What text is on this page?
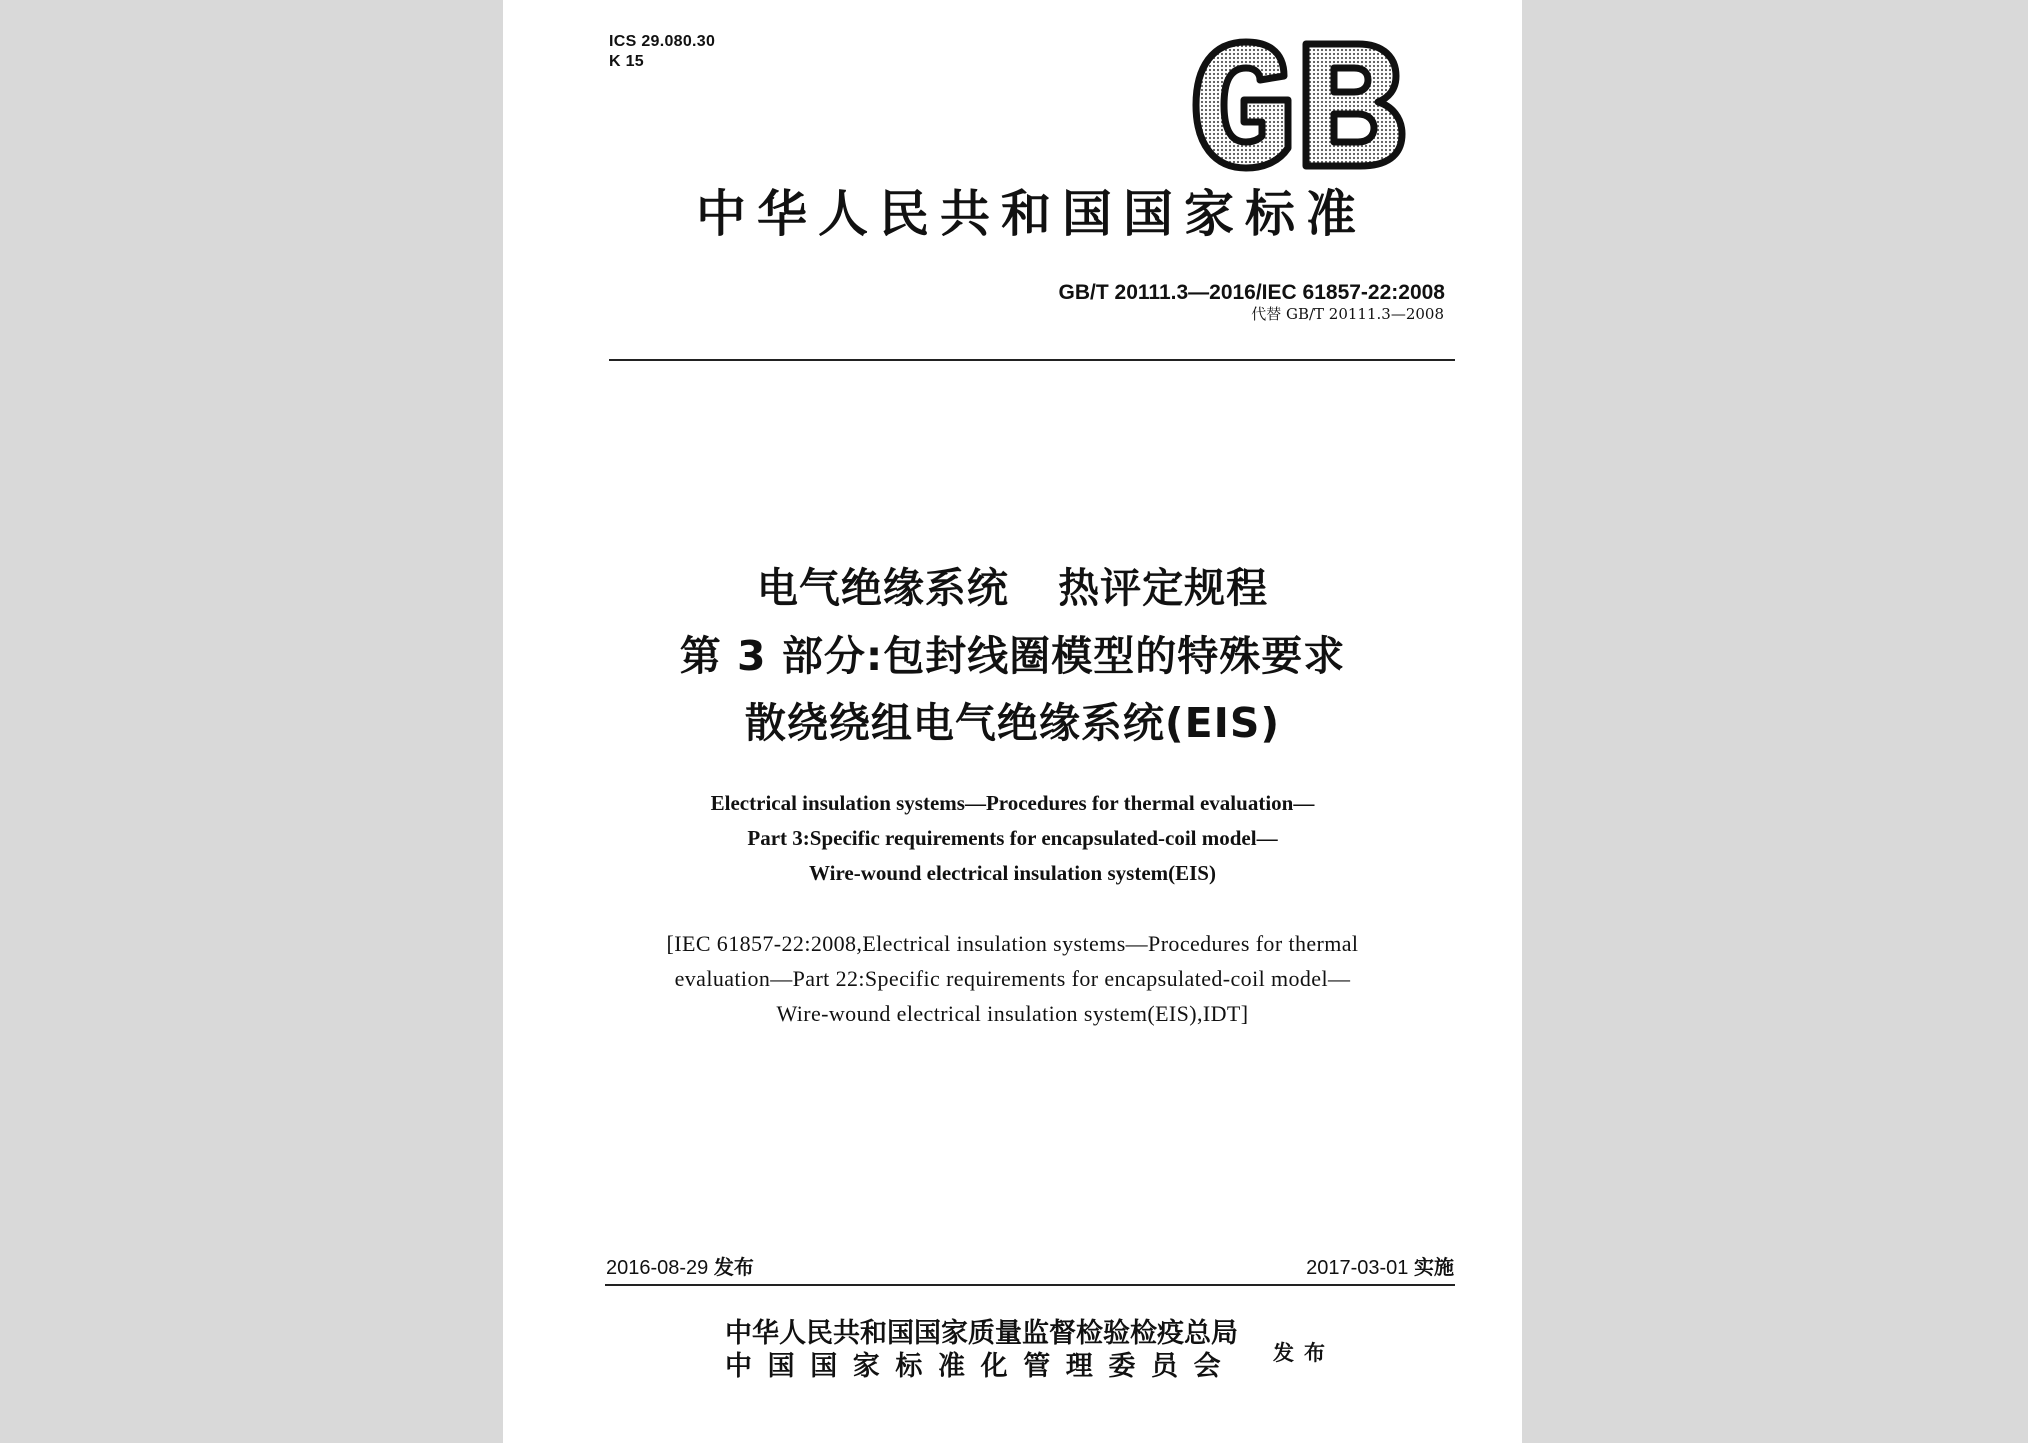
ICS 29.080.30
K 15
中华人民共和国国家标准
GB/T 20111.3—2016/IEC 61857-22:2008
代替 GB/T 20111.3—2008
电气绝缘系统 热评定规程
第 3 部分:包封线圈模型的特殊要求
散绕绕组电气绝缘系统(EIS)
Electrical insulation systems—Procedures for thermal evaluation—
Part 3:Specific requirements for encapsulated-coil model—
Wire-wound electrical insulation system(EIS)
[IEC 61857-22:2008,Electrical insulation systems—Procedures for thermal
evaluation—Part 22:Specific requirements for encapsulated-coil model—
Wire-wound electrical insulation system(EIS),IDT]
2016-08-29 发布	2017-03-01 实施
中华人民共和国国家质量监督检验检疫总局
中国国家标准化管理委员会 发布
